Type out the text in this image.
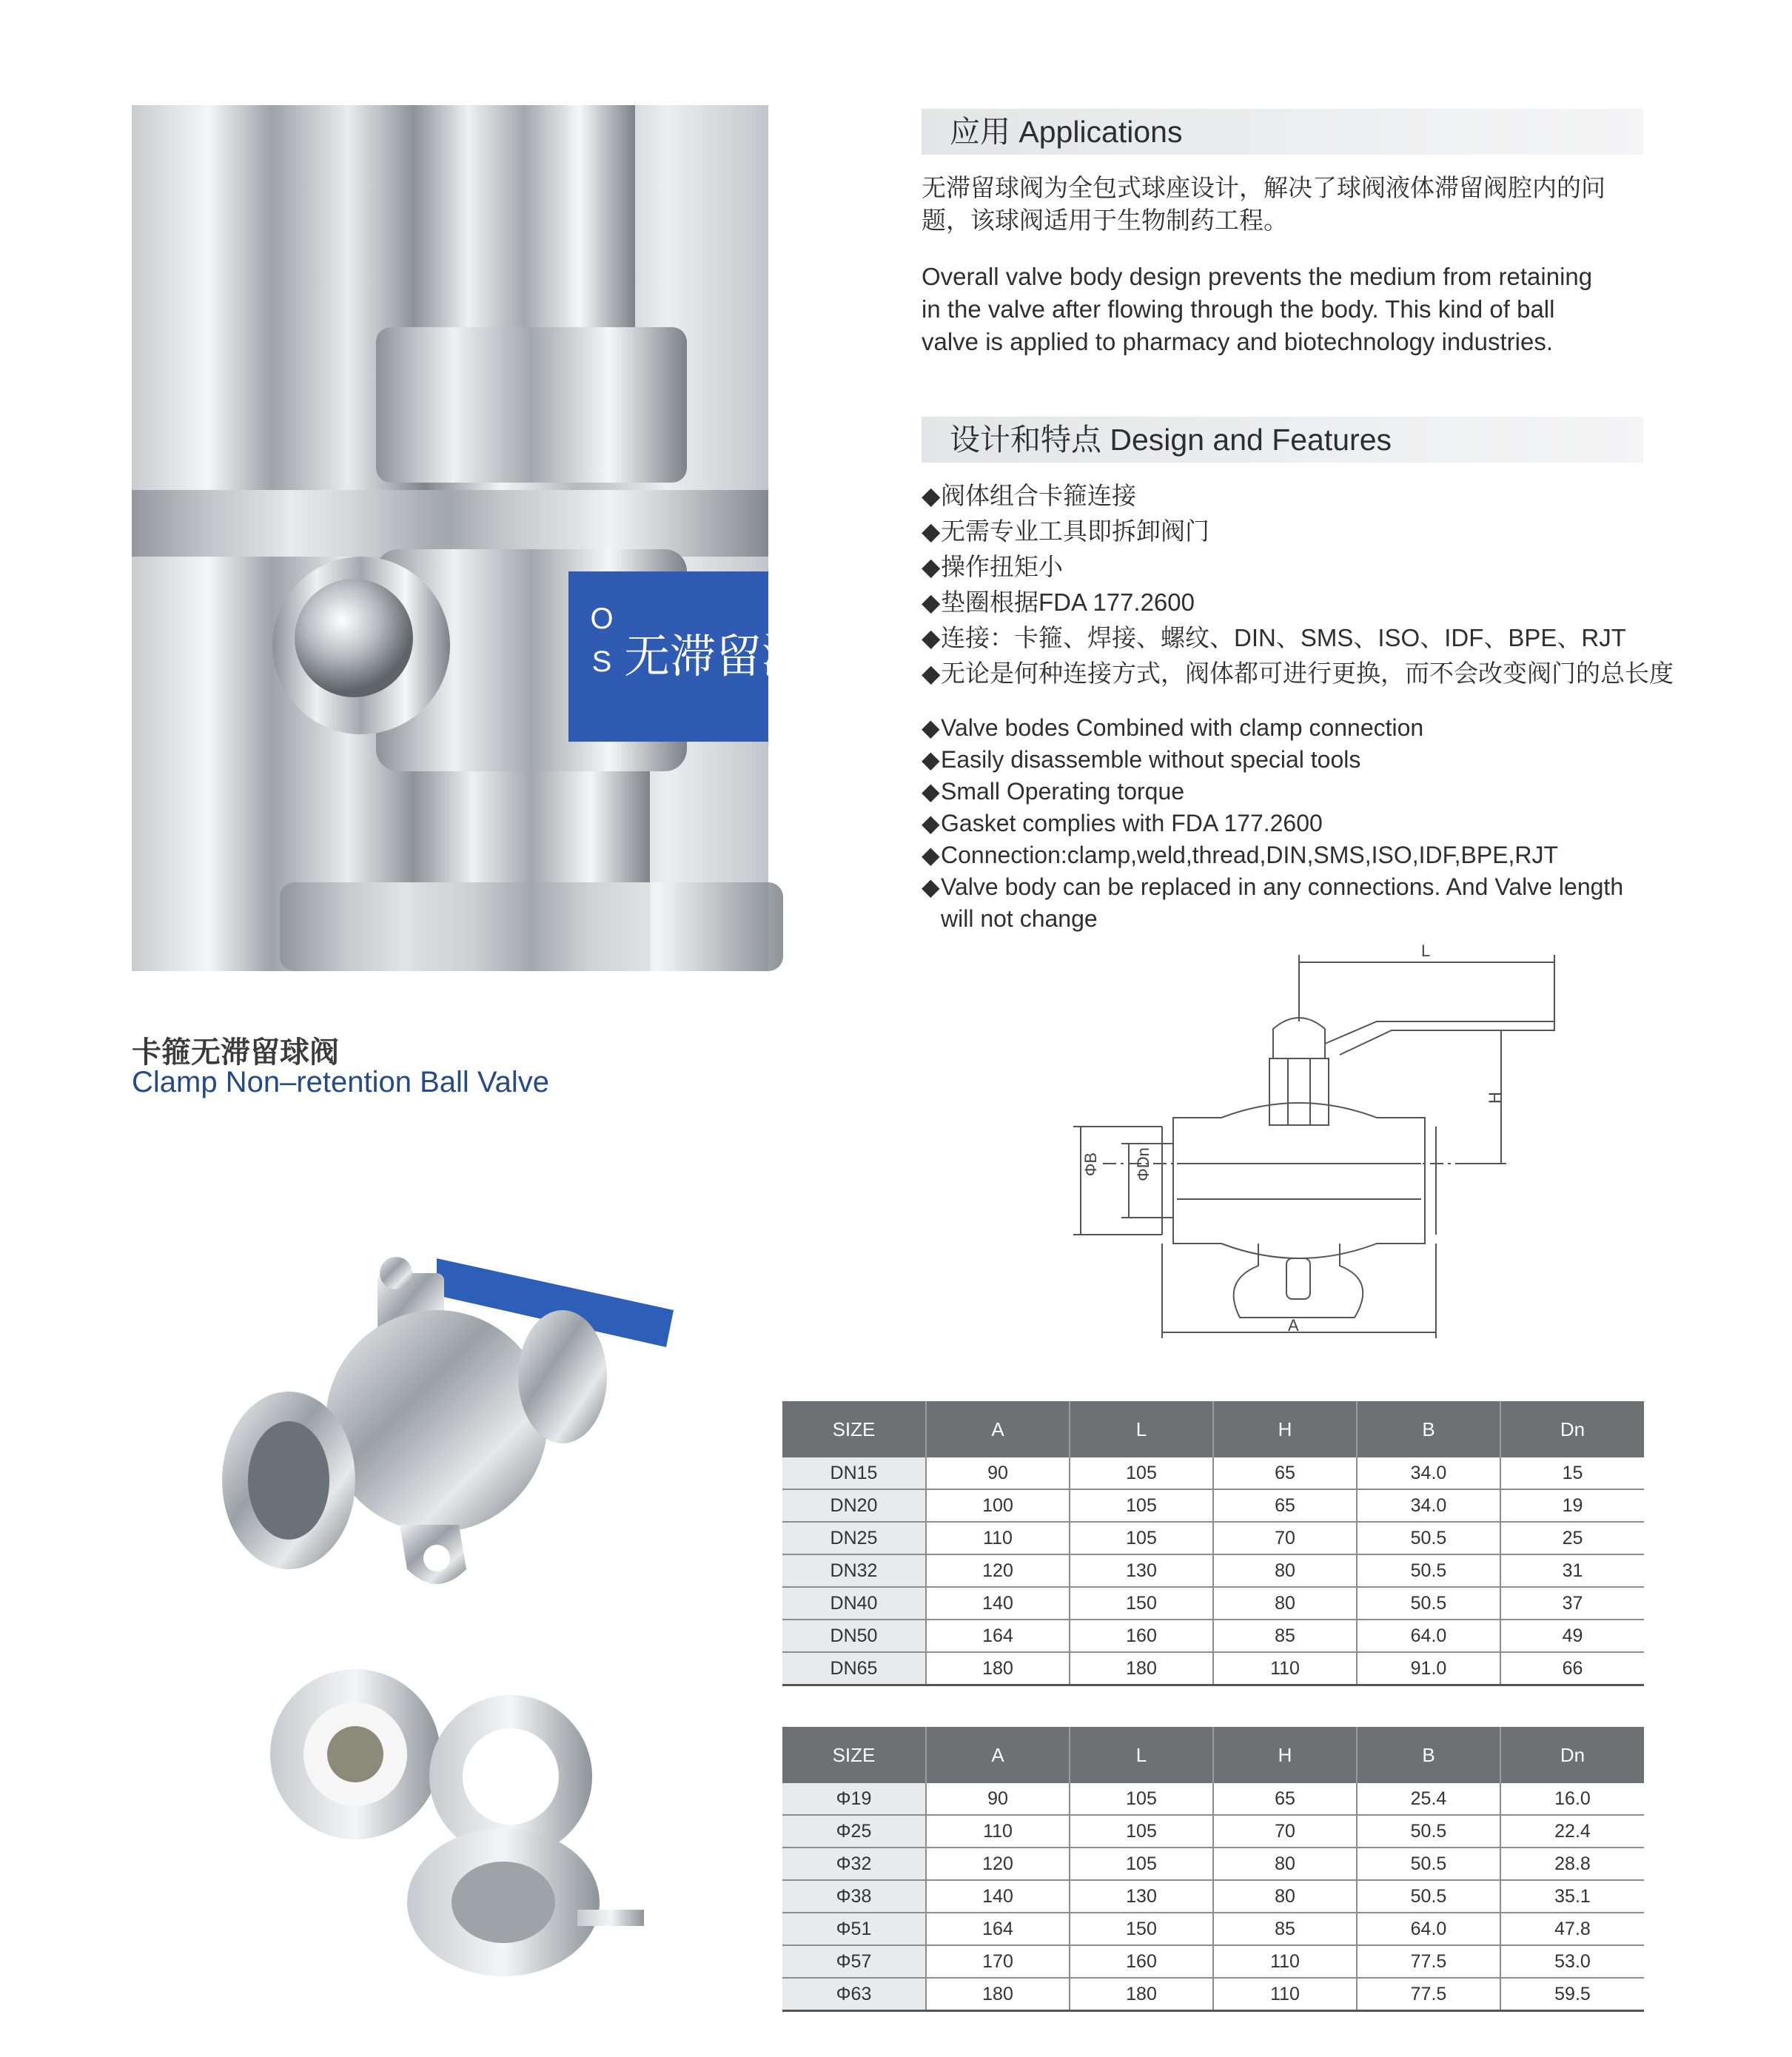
O S 无滞留液
卡箍无滞留球阀
Clamp Non–retention Ball Valve
应用 Applications
无滞留球阀为全包式球座设计，解决了球阀液体滞留阀腔内的问
题，该球阀适用于生物制药工程。
Overall valve body design prevents the medium from retaining
in the valve after flowing through the body. This kind of ball
valve is applied to pharmacy and biotechnology industries.
设计和特点 Design and Features
◆阀体组合卡箍连接
◆无需专业工具即拆卸阀门
◆操作扭矩小
◆垫圈根据FDA 177.2600
◆连接：卡箍、焊接、螺纹、DIN、SMS、ISO、IDF、BPE、RJT
◆无论是何种连接方式，阀体都可进行更换，而不会改变阀门的总长度
◆Valve bodes Combined with clamp connection
◆Easily disassemble without special tools
◆Small Operating torque
◆Gasket complies with FDA 177.2600
◆Connection:clamp,weld,thread,DIN,SMS,ISO,IDF,BPE,RJT
◆Valve body can be replaced in any connections. And Valve length
will not change
L
H
A
ΦB ΦDn
SIZE	A	L	H	B	Dn
DN15	90	105	65	34.0	15
DN20	100	105	65	34.0	19
DN25	110	105	70	50.5	25
DN32	120	130	80	50.5	31
DN40	140	150	80	50.5	37
DN50	164	160	85	64.0	49
DN65	180	180	110	91.0	66
SIZE	A	L	H	B	Dn
Φ19	90	105	65	25.4	16.0
Φ25	110	105	70	50.5	22.4
Φ32	120	105	80	50.5	28.8
Φ38	140	130	80	50.5	35.1
Φ51	164	150	85	64.0	47.8
Φ57	170	160	110	77.5	53.0
Φ63	180	180	110	77.5	59.5
